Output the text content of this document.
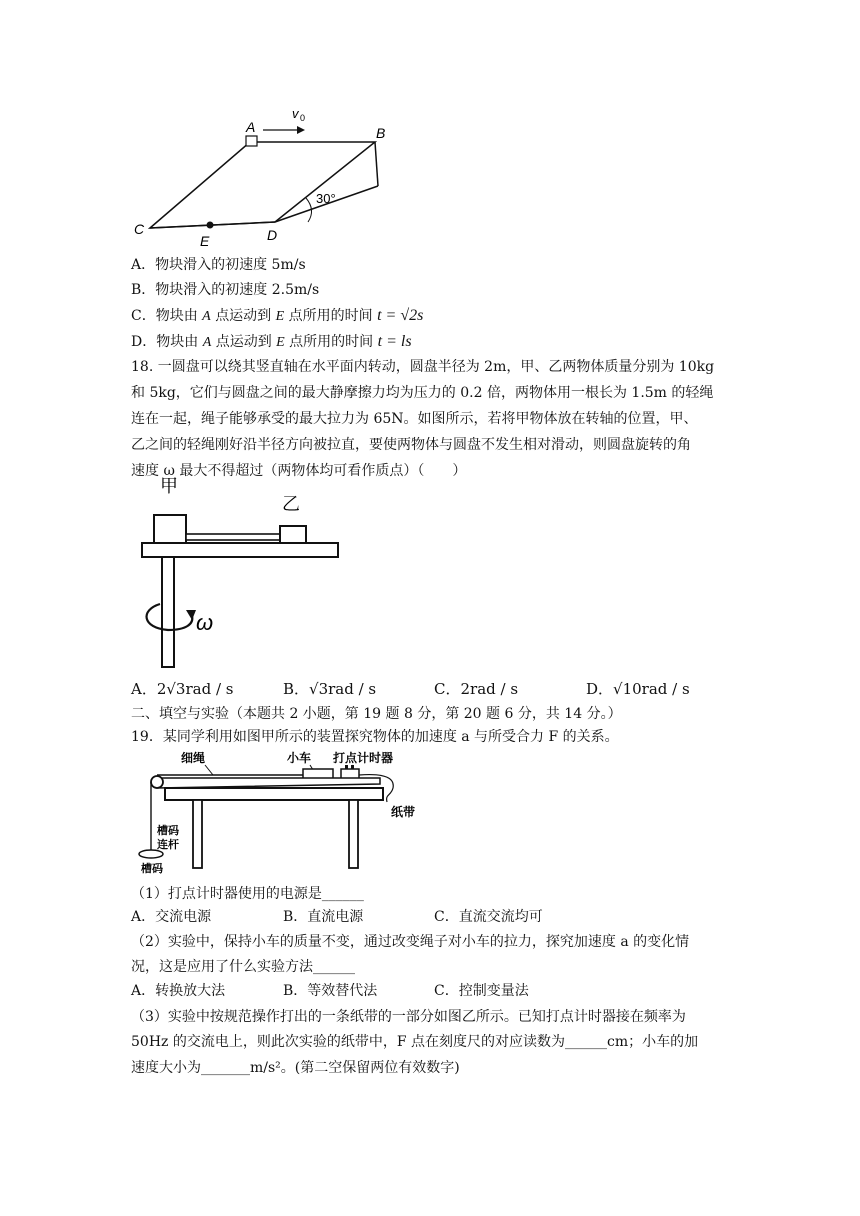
A
v 0
B
30°
C
E	D
A．物块滑入的初速度 5m/s
B．物块滑入的初速度 2.5m/s
C．物块由 A 点运动到 E 点所用的时间 t = √2s
D．物块由 A 点运动到 E 点所用的时间 t = ls
18. 一圆盘可以绕其竖直轴在水平面内转动，圆盘半径为 2m，甲、乙两物体质量分别为 10kg
和 5kg，它们与圆盘之间的最大静摩擦力均为压力的 0.2 倍，两物体用一根长为 1.5m 的轻绳
连在一起，绳子能够承受的最大拉力为 65N。如图所示，若将甲物体放在转轴的位置，甲、
乙之间的轻绳刚好沿半径方向被拉直，要使两物体与圆盘不发生相对滑动，则圆盘旋转的角
速度 ω 最大不得超过（两物体均可看作质点）（　　）
甲
乙
ω
A．2√3rad / s	B．√3rad / s	C．2rad / s	D．√10rad / s
二、填空与实验（本题共 2 小题，第 19 题 8 分，第 20 题 6 分，共 14 分。）
19．某同学利用如图甲所示的装置探究物体的加速度 a 与所受合力 F 的关系。
细绳	小车 打点计时器
纸带
槽码
连杆
槽码
（1）打点计时器使用的电源是______
A．交流电源	B．直流电源	C．直流交流均可
（2）实验中，保持小车的质量不变，通过改变绳子对小车的拉力，探究加速度 a 的变化情
况，这是应用了什么实验方法______
A．转换放大法	B．等效替代法	C．控制变量法
（3）实验中按规范操作打出的一条纸带的一部分如图乙所示。已知打点计时器接在频率为
50Hz 的交流电上，则此次实验的纸带中，F 点在刻度尺的对应读数为______cm；小车的加
速度大小为_______m/s²。(第二空保留两位有效数字)
